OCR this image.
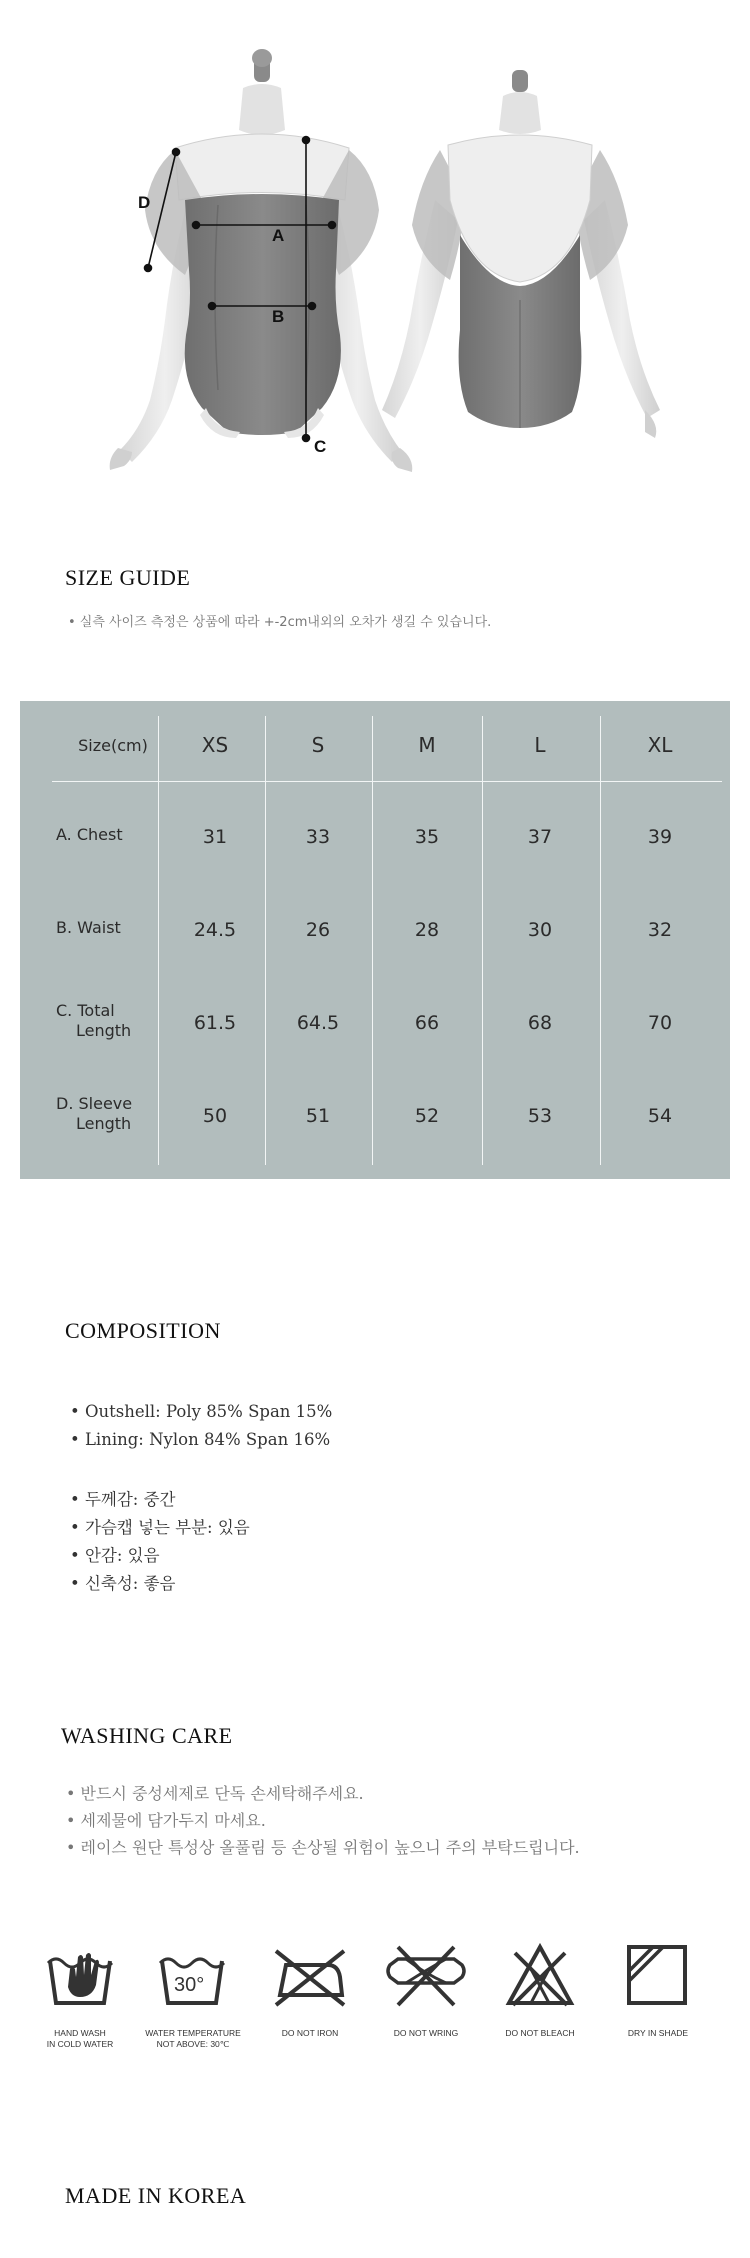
D
A
B
C
SIZE GUIDE
• 실측 사이즈 측정은 상품에 따라 +-2cm내외의 오차가 생길 수 있습니다.
Size(cm)	XS	S	M	L	XL
A. Chest	31	33	35	37	39
B. Waist	24.5	26	28	30	32
C. Total
Length	61.5	64.5	66	68	70
D. Sleeve
Length	50	51	52	53	54
COMPOSITION
• Outshell: Poly 85% Span 15%
• Lining: Nylon 84% Span 16%
• 두께감: 중간
• 가슴캡 넣는 부분: 있음
• 안감: 있음
• 신축성: 좋음
WASHING CARE
• 반드시 중성세제로 단독 손세탁해주세요.
• 세제물에 담가두지 마세요.
• 레이스 원단 특성상 올풀림 등 손상될 위험이 높으니 주의 부탁드립니다.
30°
HAND WASH
IN COLD WATER
WATER TEMPERATURE
NOT ABOVE: 30℃
DO NOT IRON	DO NOT WRING	DO NOT BLEACH	DRY IN SHADE
MADE IN KOREA
